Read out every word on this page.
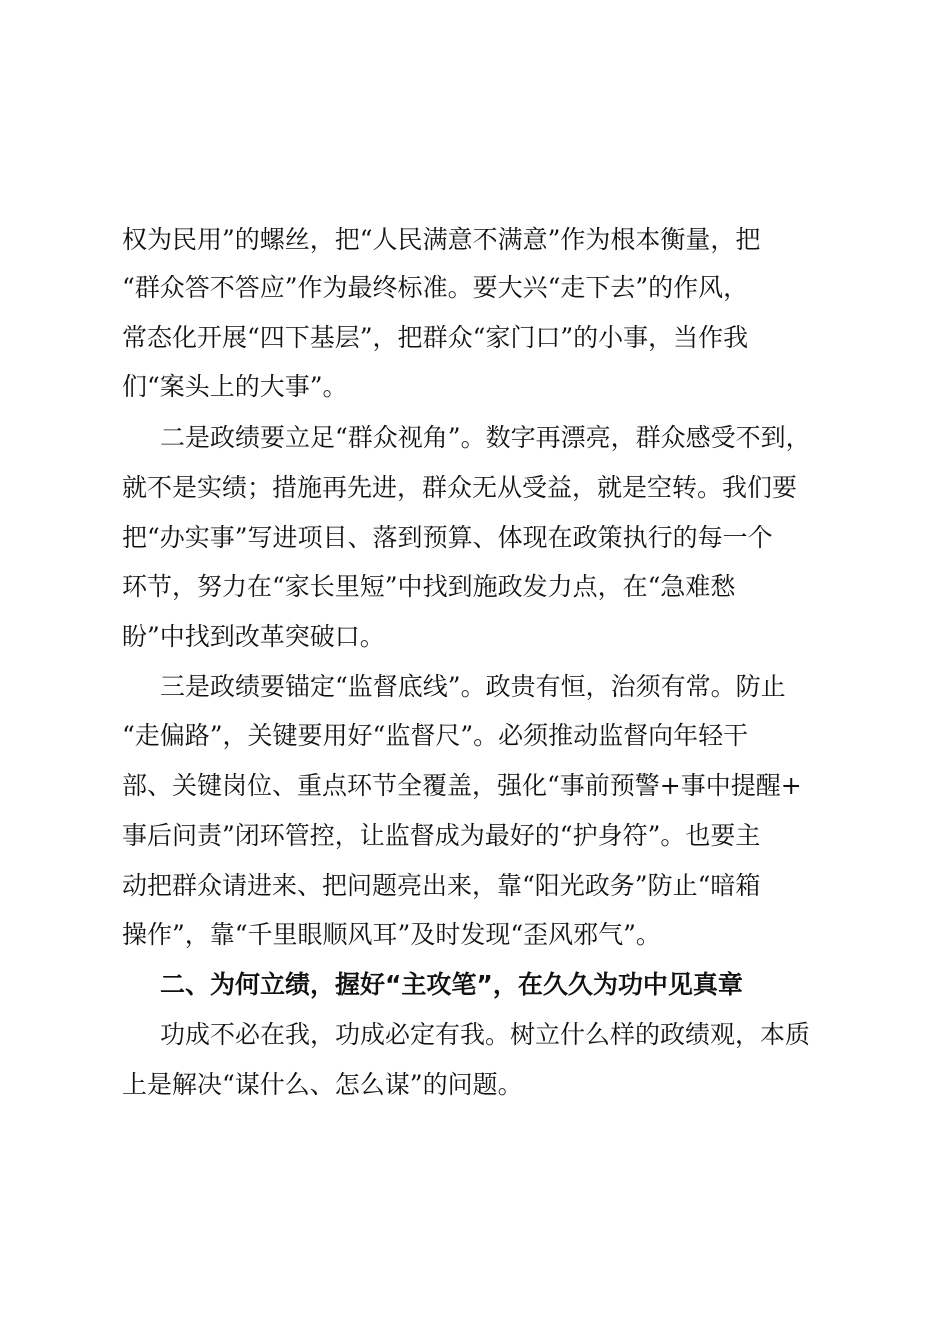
权为民用”的螺丝，把“人民满意不满意”作为根本衡量，把
“群众答不答应”作为最终标准。要大兴“走下去”的作风，
常态化开展“四下基层”，把群众“家门口”的小事，当作我
们“案头上的大事”。
二是政绩要立足“群众视角”。数字再漂亮，群众感受不到，
就不是实绩；措施再先进，群众无从受益，就是空转。我们要
把“办实事”写进项目、落到预算、体现在政策执行的每一个
环节，努力在“家长里短”中找到施政发力点，在“急难愁
盼”中找到改革突破口。
三是政绩要锚定“监督底线”。政贵有恒，治须有常。防止
“走偏路”，关键要用好“监督尺”。必须推动监督向年轻干
部、关键岗位、重点环节全覆盖，强化“事前预警+事中提醒+
事后问责”闭环管控，让监督成为最好的“护身符”。也要主
动把群众请进来、把问题亮出来，靠“阳光政务”防止“暗箱
操作”，靠“千里眼顺风耳”及时发现“歪风邪气”。
二、为何立绩，握好“主攻笔”，在久久为功中见真章
功成不必在我，功成必定有我。树立什么样的政绩观，本质
上是解决“谋什么、怎么谋”的问题。
